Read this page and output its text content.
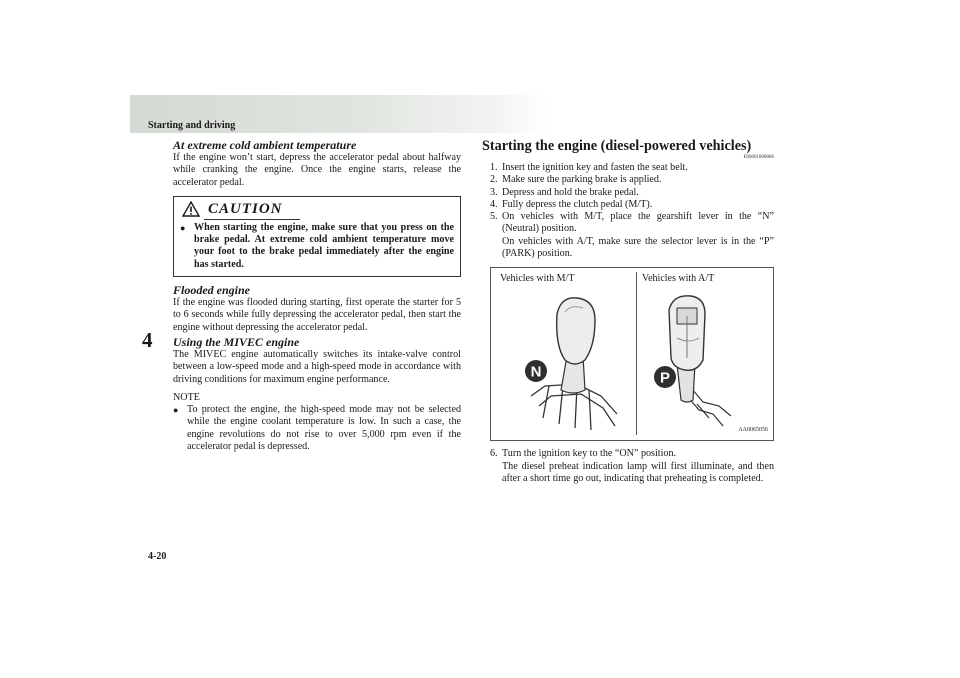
Starting and driving
4
4-20
At extreme cold ambient temperature
If the engine won’t start, depress the accelerator pedal about halfway while cranking the engine. Once the engine starts, release the accelerator pedal.
CAUTION
● When starting the engine, make sure that you press on the brake pedal. At extreme cold ambient temperature move your foot to the brake pedal immediately after the engine has started.
Flooded engine
If the engine was flooded during starting, first operate the starter for 5 to 6 seconds while fully depressing the accelerator pedal, then start the engine without depressing the accelerator pedal.
Using the MIVEC engine
The MIVEC engine automatically switches its intake-valve control between a low-speed mode and a high-speed mode in accordance with driving conditions for maximum engine performance.
NOTE
● To protect the engine, the high-speed mode may not be selected while the engine coolant temperature is low. In such a case, the engine revolutions do not rise to over 5,000 rpm even if the accelerator pedal is depressed.
Starting the engine (diesel-powered vehicles)
E00601800086
1. Insert the ignition key and fasten the seat belt.
2. Make sure the parking brake is applied.
3. Depress and hold the brake pedal.
4. Fully depress the clutch pedal (M/T).
5. On vehicles with M/T, place the gearshift lever in the “N” (Neutral) position.
On vehicles with A/T, make sure the selector lever is in the “P” (PARK) position.
Vehicles with M/T	Vehicles with A/T
N	P
AA0065056
6. Turn the ignition key to the “ON” position.
The diesel preheat indication lamp will first illuminate, and then after a short time go out, indicating that preheating is completed.
